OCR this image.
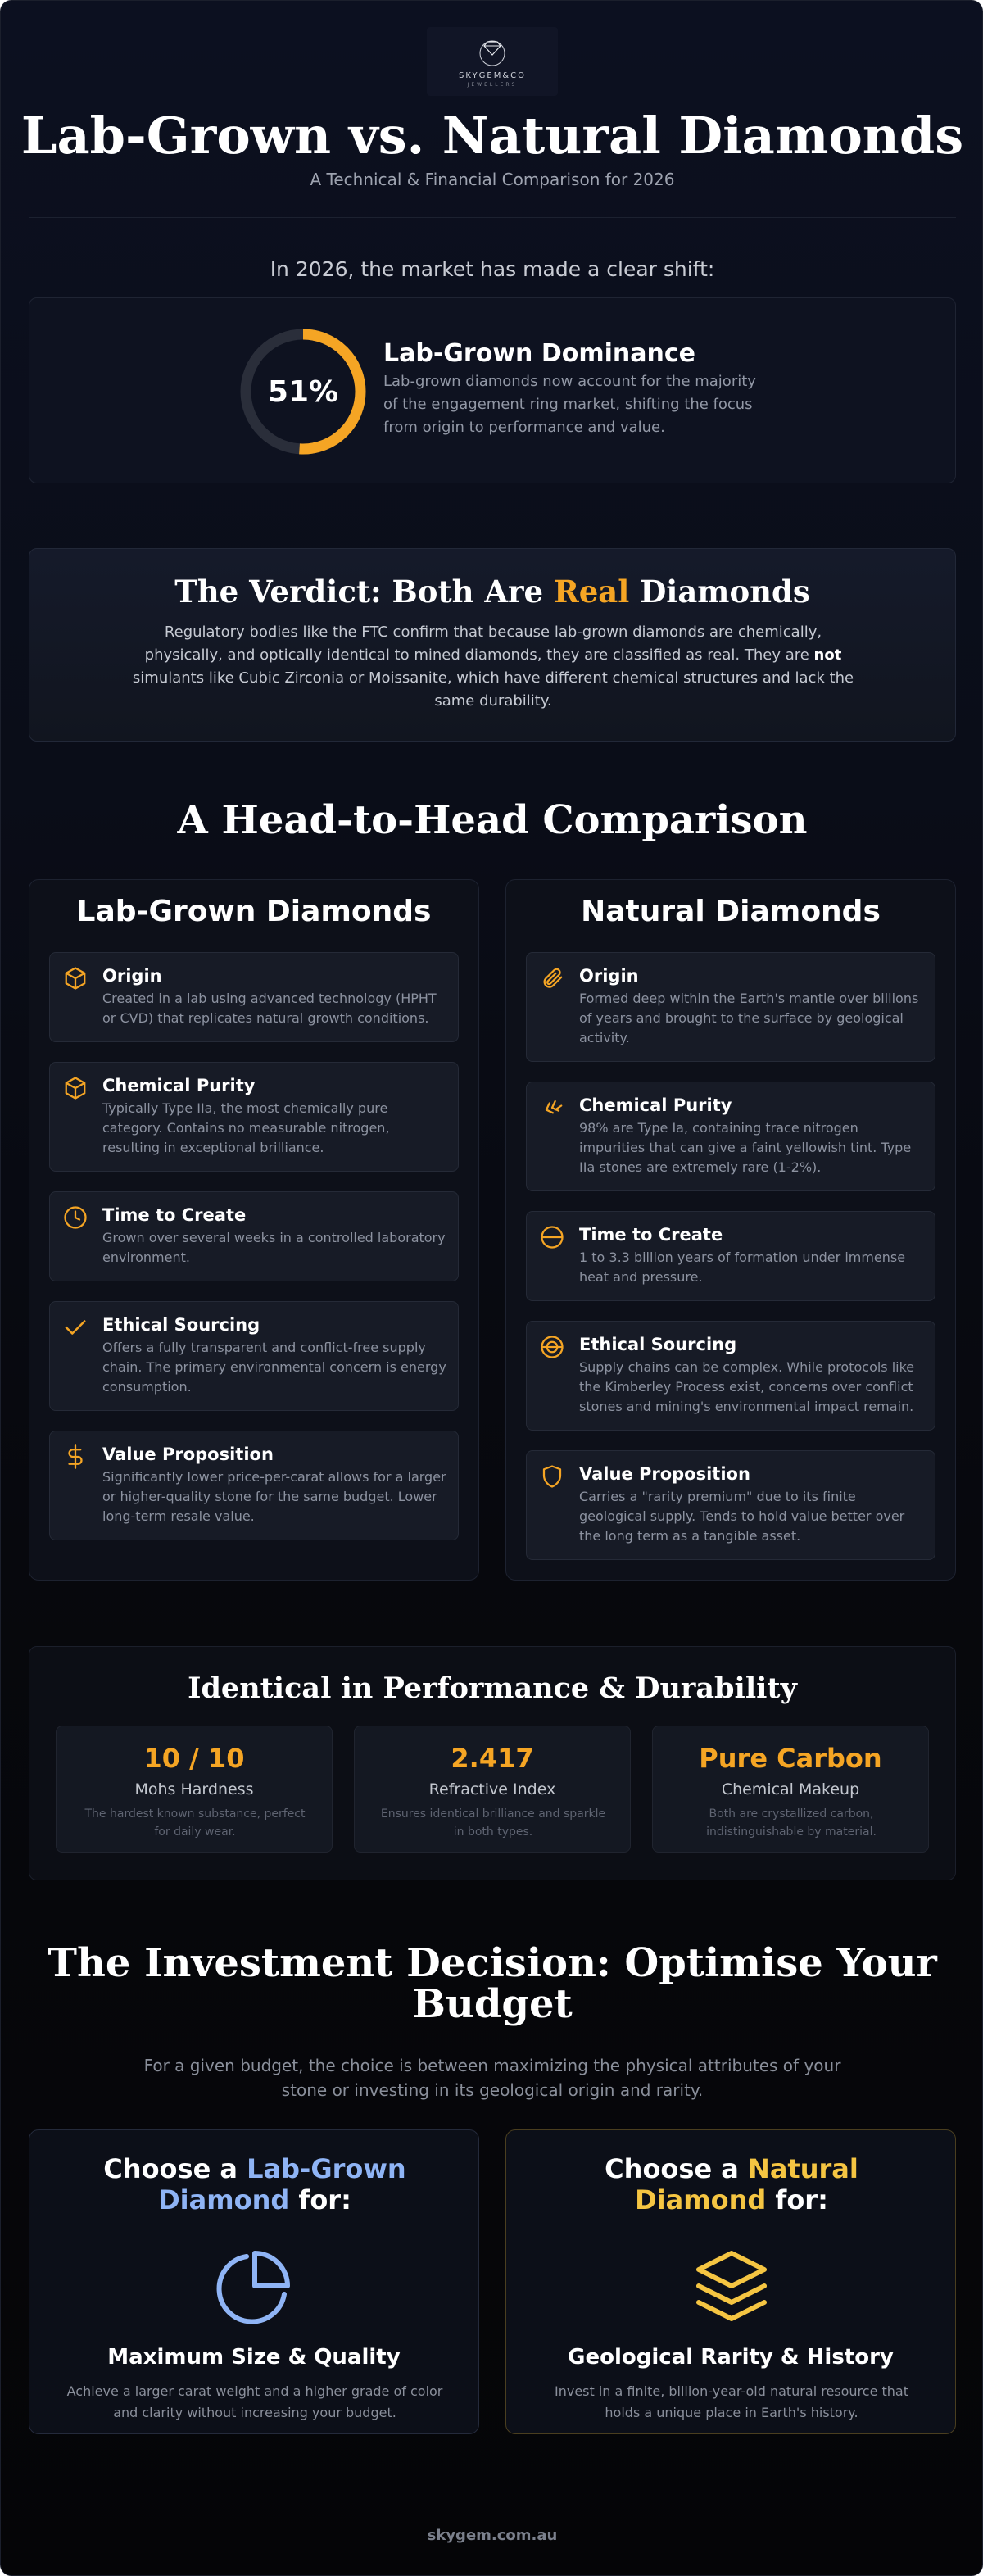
SKYGEM&CO
JEWELLERS
Lab-Grown vs. Natural Diamonds
A Technical & Financial Comparison for 2026
In 2026, the market has made a clear shift:
51%
Lab-Grown Dominance
Lab-grown diamonds now account for the majority of the engagement ring market, shifting the focus from origin to performance and value.
The Verdict: Both Are Real Diamonds

Regulatory bodies like the FTC confirm that because lab-grown diamonds are chemically, physically, and optically identical to mined diamonds, they are classified as real. They are not simulants like Cubic Zirconia or Moissanite, which have different chemical structures and lack the same durability.

A Head-to-Head Comparison
Lab-Grown Diamonds
Origin
Created in a lab using advanced technology (HPHT or CVD) that replicates natural growth conditions.
Chemical Purity
Typically Type IIa, the most chemically pure category. Contains no measurable nitrogen, resulting in exceptional brilliance.
Time to Create
Grown over several weeks in a controlled laboratory environment.
Ethical Sourcing
Offers a fully transparent and conflict-free supply chain. The primary environmental concern is energy consumption.
Value Proposition
Significantly lower price-per-carat allows for a larger or higher-quality stone for the same budget. Lower long-term resale value.
Natural Diamonds
Origin
Formed deep within the Earth's mantle over billions of years and brought to the surface by geological activity.
Chemical Purity
98% are Type Ia, containing trace nitrogen impurities that can give a faint yellowish tint. Type IIa stones are extremely rare (1-2%).
Time to Create
1 to 3.3 billion years of formation under immense heat and pressure.
Ethical Sourcing
Supply chains can be complex. While protocols like the Kimberley Process exist, concerns over conflict stones and mining's environmental impact remain.
Value Proposition
Carries a "rarity premium" due to its finite geological supply. Tends to hold value better over the long term as a tangible asset.
Identical in Performance & Durability
10 / 10
Mohs Hardness
The hardest known substance, perfect for daily wear.
2.417
Refractive Index
Ensures identical brilliance and sparkle in both types.
Pure Carbon
Chemical Makeup
Both are crystallized carbon, indistinguishable by material.
The Investment Decision: Optimise Your Budget
For a given budget, the choice is between maximizing the physical attributes of your stone or investing in its geological origin and rarity.
Choose a Lab-Grown Diamond for:
Maximum Size & Quality
Achieve a larger carat weight and a higher grade of color and clarity without increasing your budget.
Choose a Natural Diamond for:
Geological Rarity & History
Invest in a finite, billion-year-old natural resource that holds a unique place in Earth's history.
skygem.com.au
